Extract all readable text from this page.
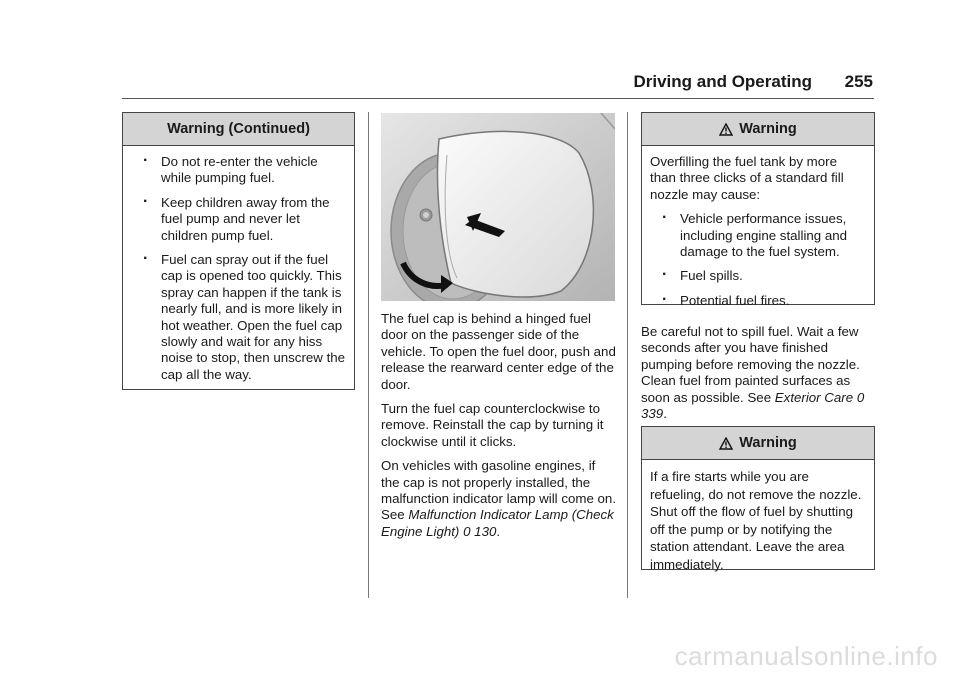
Driving and Operating 255
Warning (Continued)
. Do not re-enter the vehicle while pumping fuel.
. Keep children away from the fuel pump and never let children pump fuel.
. Fuel can spray out if the fuel cap is opened too quickly. This spray can happen if the tank is nearly full, and is more likely in hot weather. Open the fuel cap slowly and wait for any hiss noise to stop, then unscrew the cap all the way.

The fuel cap is behind a hinged fuel door on the passenger side of the vehicle. To open the fuel door, push and release the rearward center edge of the door.

Turn the fuel cap counterclockwise to remove. Reinstall the cap by turning it clockwise until it clicks.

On vehicles with gasoline engines, if the cap is not properly installed, the malfunction indicator lamp will come on. See Malfunction Indicator Lamp (Check Engine Light) 0 130.

Warning
Overfilling the fuel tank by more than three clicks of a standard fill nozzle may cause:
. Vehicle performance issues, including engine stalling and damage to the fuel system.
. Fuel spills.
. Potential fuel fires.

Be careful not to spill fuel. Wait a few seconds after you have finished pumping before removing the nozzle. Clean fuel from painted surfaces as soon as possible. See Exterior Care 0 339.

Warning
If a fire starts while you are refueling, do not remove the nozzle. Shut off the flow of fuel by shutting off the pump or by notifying the station attendant. Leave the area immediately.
carmanualsonline.info
